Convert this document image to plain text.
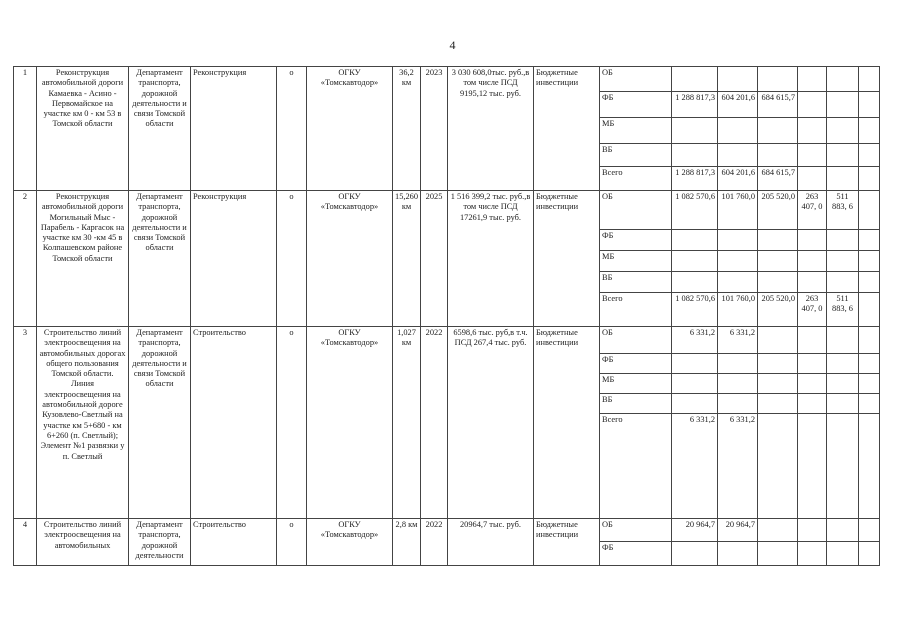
4
1	Реконструкция автомобильной дороги Камаевка - Асино - Первомайское на участке км 0 - км 53 в Томской области	Департамент транспорта, дорожной деятельности и связи Томской области	Реконструкция	о	ОГКУ «Томскавтодор»	36,2 км	2023	3 030 608,0тыс. руб.,в том числе ПСД 9195,12 тыс. руб.	Бюджетные инвестиции	ОБ						
										ФБ	1 288 817,3	604 201,6	684 615,7			
										МБ						
										ВБ						
										Всего	1 288 817,3	604 201,6	684 615,7			
2	Реконструкция автомобильной дороги Могильный Мыс - Парабель - Каргасок на участке км 30 -км 45 в Колпашевском районе Томской области	Департамент транспорта, дорожной деятельности и связи Томской области	Реконструкция	о	ОГКУ «Томскавтодор»	15,260 км	2025	1 516 399,2 тыс. руб.,в том числе ПСД 17261,9 тыс. руб.	Бюджетные инвестиции	ОБ	1 082 570,6	101 760,0	205 520,0	263 407, 0	511 883, 6	
										ФБ						
										МБ						
										ВБ						
										Всего	1 082 570,6	101 760,0	205 520,0	263 407, 0	511 883, 6	
3	Строительство линий электроосвещения на автомобильных дорогах общего пользования Томской области. Линия электроосвещения на автомобильной дороге Кузовлево-Светлый на участке км 5+680 - км 6+260 (п. Светлый); Элемент №1 развязки у п. Светлый	Департамент транспорта, дорожной деятельности и связи Томской области	Строительство	о	ОГКУ «Томскавтодор»	1,027 км	2022	6598,6 тыс. руб,в т.ч. ПСД 267,4 тыс. руб.	Бюджетные инвестиции	ОБ	6 331,2	6 331,2				
										ФБ						
										МБ						
										ВБ						
										Всего	6 331,2	6 331,2				
4	Строительство линий электроосвещения на автомобильных	Департамент транспорта, дорожной деятельности	Строительство	о	ОГКУ «Томскавтодор»	2,8 км	2022	20964,7 тыс. руб.	Бюджетные инвестиции	ОБ	20 964,7	20 964,7				
										ФБ						
